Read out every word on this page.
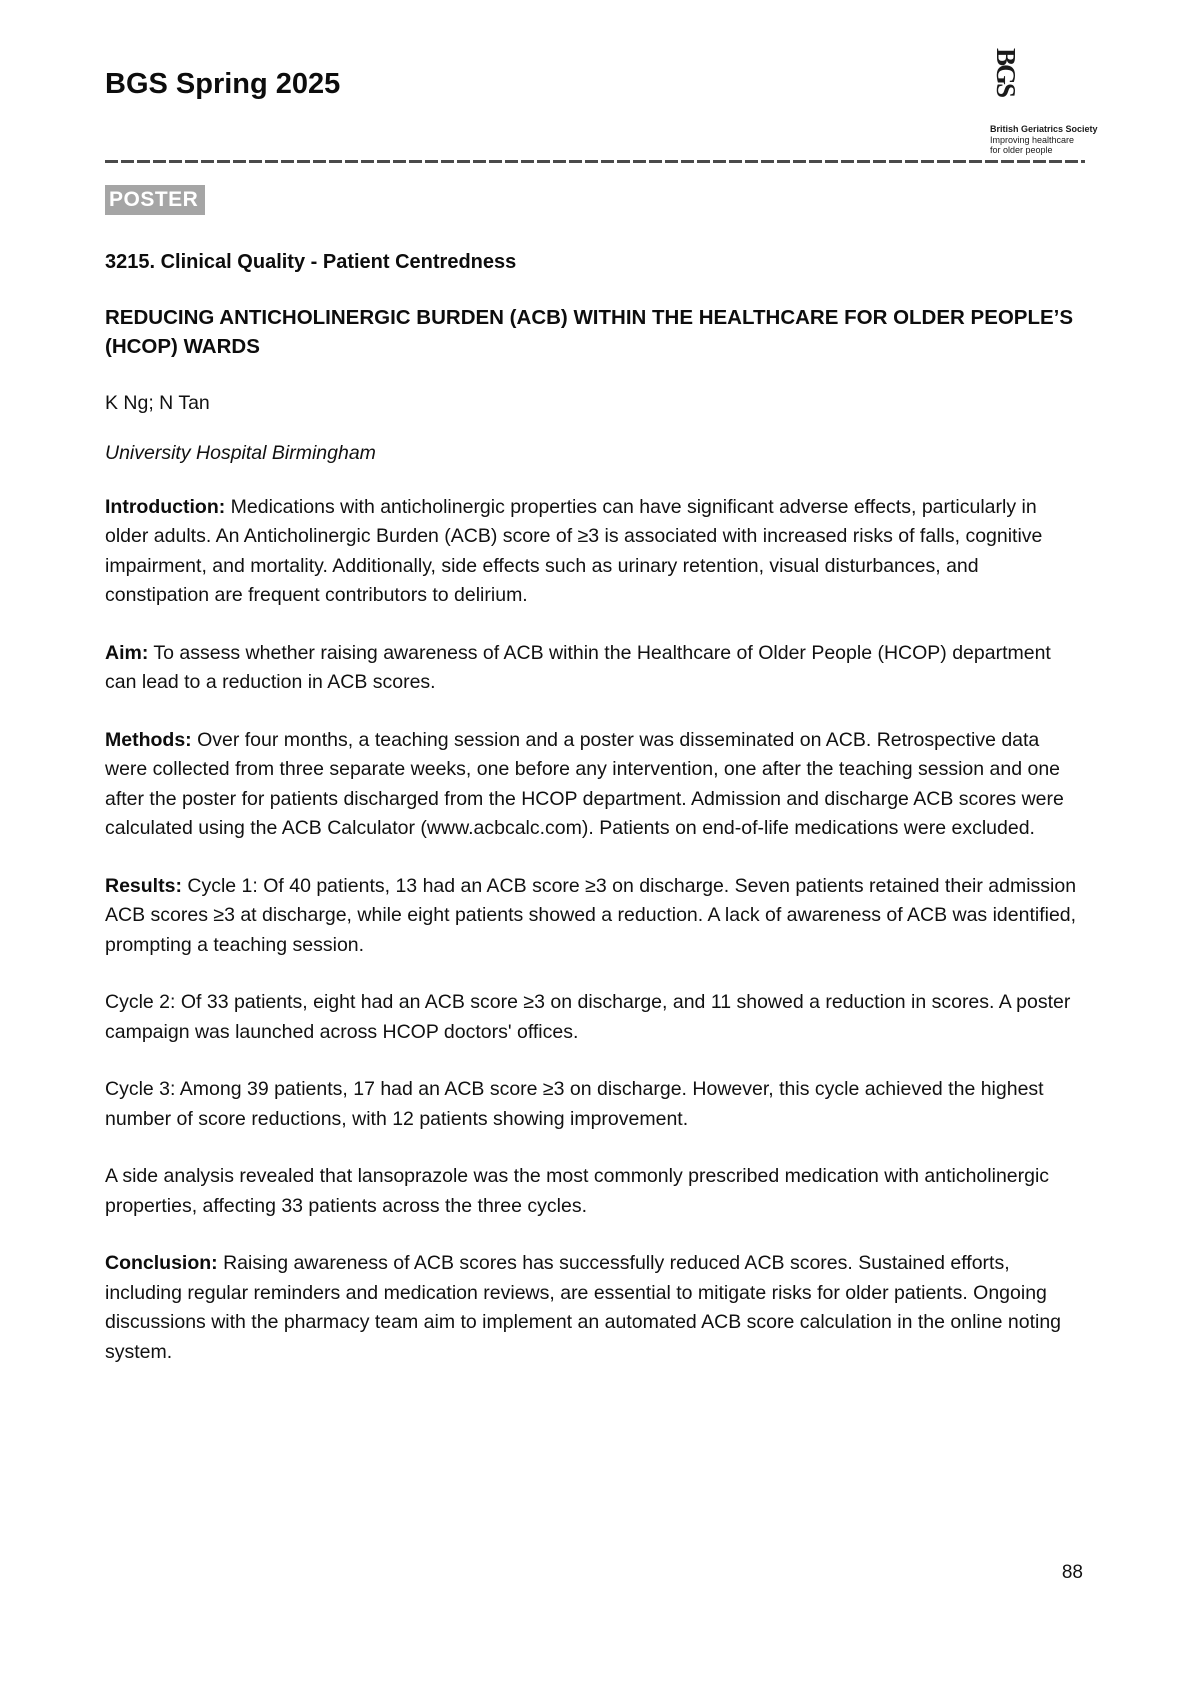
BGS Spring 2025	BGS
British Geriatrics Society
Improving healthcare
for older people
POSTER
3215. Clinical Quality - Patient Centredness
REDUCING ANTICHOLINERGIC BURDEN (ACB) WITHIN THE HEALTHCARE FOR OLDER PEOPLE’S (HCOP) WARDS
K Ng; N Tan
University Hospital Birmingham

Introduction: Medications with anticholinergic properties can have significant adverse effects, particularly in older adults. An Anticholinergic Burden (ACB) score of ≥3 is associated with increased risks of falls, cognitive impairment, and mortality. Additionally, side effects such as urinary retention, visual disturbances, and constipation are frequent contributors to delirium.

Aim: To assess whether raising awareness of ACB within the Healthcare of Older People (HCOP) department can lead to a reduction in ACB scores.

Methods: Over four months, a teaching session and a poster was disseminated on ACB. Retrospective data were collected from three separate weeks, one before any intervention, one after the teaching session and one after the poster for patients discharged from the HCOP department. Admission and discharge ACB scores were calculated using the ACB Calculator (www.acbcalc.com). Patients on end-of-life medications were excluded.

Results: Cycle 1: Of 40 patients, 13 had an ACB score ≥3 on discharge. Seven patients retained their admission ACB scores ≥3 at discharge, while eight patients showed a reduction. A lack of awareness of ACB was identified, prompting a teaching session.

Cycle 2: Of 33 patients, eight had an ACB score ≥3 on discharge, and 11 showed a reduction in scores. A poster campaign was launched across HCOP doctors' offices.

Cycle 3: Among 39 patients, 17 had an ACB score ≥3 on discharge. However, this cycle achieved the highest number of score reductions, with 12 patients showing improvement.

A side analysis revealed that lansoprazole was the most commonly prescribed medication with anticholinergic properties, affecting 33 patients across the three cycles.

Conclusion: Raising awareness of ACB scores has successfully reduced ACB scores. Sustained efforts, including regular reminders and medication reviews, are essential to mitigate risks for older patients. Ongoing discussions with the pharmacy team aim to implement an automated ACB score calculation in the online noting system.

88
